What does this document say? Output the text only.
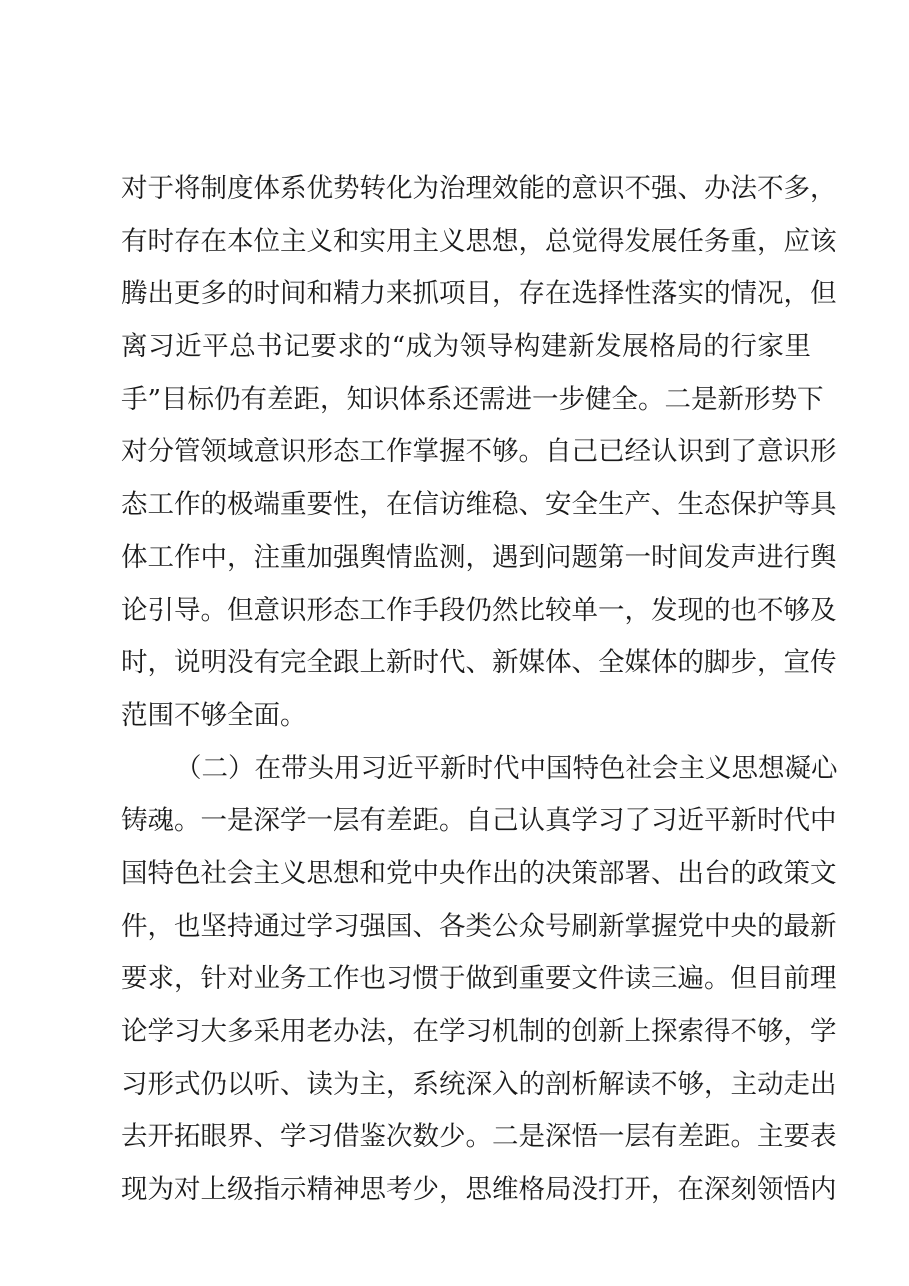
对于将制度体系优势转化为治理效能的意识不强、办法不多，
有时存在本位主义和实用主义思想，总觉得发展任务重，应该
腾出更多的时间和精力来抓项目，存在选择性落实的情况，但
离习近平总书记要求的“成为领导构建新发展格局的行家里
手”目标仍有差距，知识体系还需进一步健全。二是新形势下
对分管领域意识形态工作掌握不够。自己已经认识到了意识形
态工作的极端重要性，在信访维稳、安全生产、生态保护等具
体工作中，注重加强舆情监测，遇到问题第一时间发声进行舆
论引导。但意识形态工作手段仍然比较单一，发现的也不够及
时，说明没有完全跟上新时代、新媒体、全媒体的脚步，宣传
范围不够全面。
（二）在带头用习近平新时代中国特色社会主义思想凝心
铸魂。一是深学一层有差距。自己认真学习了习近平新时代中
国特色社会主义思想和党中央作出的决策部署、出台的政策文
件，也坚持通过学习强国、各类公众号刷新掌握党中央的最新
要求，针对业务工作也习惯于做到重要文件读三遍。但目前理
论学习大多采用老办法，在学习机制的创新上探索得不够，学
习形式仍以听、读为主，系统深入的剖析解读不够，主动走出
去开拓眼界、学习借鉴次数少。二是深悟一层有差距。主要表
现为对上级指示精神思考少，思维格局没打开，在深刻领悟内
